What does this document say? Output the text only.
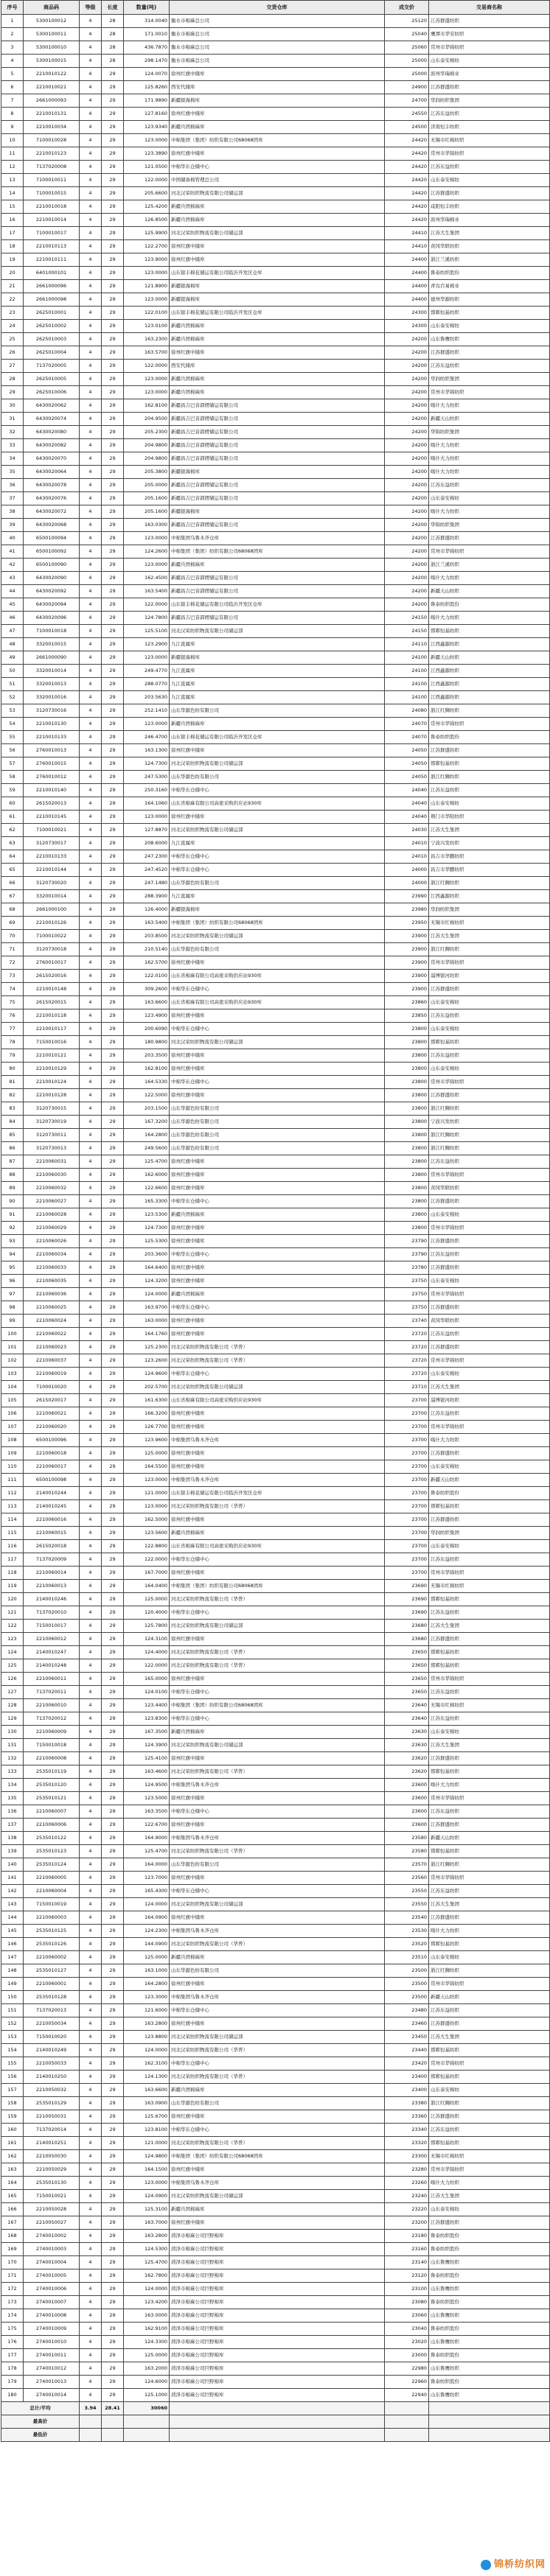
序号	商品码	等级	长度	数量(吨)	交货仓库	成交价	交易商名称
1	5300100012	4	28	314.0040	衡水市棉麻总公司	25120	江苏群盛纺织
2	5300100011	4	28	171.0010	衡水市棉麻总公司	25040	鹰潭市华安纺织
3	5300100010	4	28	436.7870	衡水市棉麻总公司	25060	常州市华锦纺织
4	5300100015	4	28	298.1470	衡水市棉麻总公司	25000	山东泰安棉纺
5	2210010122	4	29	124.0070	徐州红旗中储库	25000	滨州华瑞棉业
6	2210010021	4	29	125.8260	西安代储库	24900	江苏群盛纺织
7	2661000093	4	29	171.9890	新疆银海棉库	24700	华润纺织集团
8	2210010131	4	29	127.8160	徐州红旗中储库	24550	江苏东益纺织
9	2210010034	4	29	123.9340	新疆兵团棉麻库	24500	济南恒丰纺织
10	7100010028	4	29	123.0000	中棉集团（集团）纺织有限公司68068团库	24420	无锡市红棉纺织
11	2210010123	4	29	123.3890	徐州红旗中储库	24420	常州市华锦纺织
12	7137020008	4	29	121.0500	中棉华东仓储中心	24420	江苏东益纺织
13	7100010011	4	29	122.0000	中国储备棉管理总公司	24420	山东泰安棉纺
14	7100010015	4	29	205.6600	河北汉荣纺织物流有限公司储运部	24420	江苏群盛纺织
15	2210010018	4	29	125.4200	新疆兵团棉麻库	24420	咸阳恒丰纺织
16	2210010014	4	29	126.8500	新疆兵团棉麻库	24420	滨州华瑞棉业
17	7100010017	4	29	125.9900	河北汉荣纺织物流有限公司储运部	24410	江苏大生集团
18	2210010113	4	29	122.2700	徐州红旗中储库	24410	黄冈华联纺织
19	2210010111	4	29	123.9000	徐州红旗中储库	24400	浙江兰溪纺织
20	6401000101	4	29	123.0000	山东银丰棉花储运有限公司临沂开发区仓库	24400	鲁泰纺织股份
21	2661000096	4	29	121.8900	新疆银海棉库	24400	青岛百易棉业
22	2661000098	4	29	123.0000	新疆银海棉库	24400	德州华源纺织
23	2625010001	4	29	122.0100	山东银丰棉花储运有限公司临沂开发区仓库	24300	邯郸恒基纺织
24	2625010002	4	29	123.0100	新疆兵团棉麻库	24300	山东泰安棉纺
25	2625010003	4	29	163.2300	新疆兵团棉麻库	24200	山东鲁鹰纺织
26	2625010004	4	29	163.5700	徐州红旗中储库	24200	江苏群盛纺织
27	7137020005	4	29	122.0000	西安代储库	24200	江苏东益纺织
28	2625010005	4	29	123.0000	新疆兵团棉麻库	24200	华润纺织集团
29	2625010006	4	29	123.0000	新疆兵团棉麻库	24200	常州市华锦纺织
30	6430020062	4	29	162.8100	新疆昌吉巴音郭楞储运有限公司	24200	喀什大力纺织
31	6430020074	4	29	204.9500	新疆昌吉巴音郭楞储运有限公司	24200	新疆天山纺织
32	6430020080	4	29	205.2300	新疆昌吉巴音郭楞储运有限公司	24200	华锦纺织集团
33	6430020082	4	29	204.9800	新疆昌吉巴音郭楞储运有限公司	24200	喀什大力纺织
34	6430020070	4	29	204.9800	新疆昌吉巴音郭楞储运有限公司	24200	喀什大力纺织
35	6430020064	4	29	205.3800	新疆银海棉库	24200	喀什大力纺织
36	6430020078	4	29	205.0000	新疆昌吉巴音郭楞储运有限公司	24200	江苏东益纺织
37	6430020076	4	29	205.1600	新疆昌吉巴音郭楞储运有限公司	24200	山东泰安棉纺
38	6430020072	4	29	205.1600	新疆银海棉库	24200	喀什大力纺织
39	6430020068	4	29	163.0300	新疆昌吉巴音郭楞储运有限公司	24200	华锦纺织集团
40	6500100094	4	29	123.0000	中棉集团乌鲁木齐仓库	24200	江苏群盛纺织
41	6500100092	4	29	124.2600	中棉集团（集团）纺织有限公司68068团库	24200	常州市华锦纺织
42	6500100090	4	29	123.0000	新疆兵团棉麻库	24200	浙江兰溪纺织
43	6430020090	4	29	162.4500	新疆昌吉巴音郭楞储运有限公司	24200	喀什大力纺织
44	6430020092	4	29	163.5400	新疆昌吉巴音郭楞储运有限公司	24200	新疆天山纺织
45	6430020094	4	29	122.0000	山东银丰棉花储运有限公司临沂开发区仓库	24200	鲁泰纺织股份
46	6430020096	4	29	124.7800	新疆昌吉巴音郭楞储运有限公司	24150	喀什大力纺织
47	7100010018	4	29	125.5100	河北汉荣纺织物流有限公司储运部	24150	邯郸恒基纺织
48	3320010015	4	29	123.2900	九江直属库	24110	江西鑫源纺织
49	2661000090	4	29	123.0000	新疆银海棉库	24100	新疆天山纺织
50	3320010014	4	29	249.4770	九江直属库	24100	江西鑫源纺织
51	3320010013	4	29	288.0770	九江直属库	24100	江西鑫源纺织
52	3320010016	4	29	203.5630	九江直属库	24100	江西鑫源纺织
53	3120730016	4	29	252.1410	山东华源色纺有限公司	24080	浙江红狮纺织
54	2210010130	4	29	123.0000	新疆兵团棉麻库	24070	常州市华锦纺织
55	2210010133	4	29	246.4700	山东银丰棉花储运有限公司临沂开发区仓库	24070	鲁泰纺织股份
56	2760010013	4	29	163.1300	徐州红旗中储库	24050	江苏群盛纺织
57	2760010015	4	29	124.7300	河北汉荣纺织物流有限公司储运部	24050	邯郸恒基纺织
58	2760010012	4	29	247.5300	山东华源色纺有限公司	24050	浙江红狮纺织
59	2210010140	4	29	250.3160	中棉华东仓储中心	24040	江苏东益纺织
60	2615020013	4	29	164.1060	山东省棉麻有限公司高密采购供应站930库	24040	山东泰安棉纺
61	2210010145	4	29	123.0000	徐州红旗中储库	24040	荆门市华阳纺织
62	7100010021	4	29	127.8870	河北汉荣纺织物流有限公司储运部	24030	江苏大生集团
63	3120730017	4	29	208.6000	九江直属库	24010	宁波兴发纺织
64	2210010133	4	29	247.2300	中棉华东仓储中心	24010	昌吉市华鹏纺织
65	2210010144	4	29	247.4520	中棉华东仓储中心	24000	昌吉市华鹏纺织
66	3120730020	4	29	247.1480	山东华源色纺有限公司	24000	浙江红狮纺织
67	3320010014	4	29	288.3900	九江直属库	23990	江西鑫源纺织
68	2661000100	4	29	126.4000	新疆银海棉库	23980	华润纺织集团
69	2210010126	4	29	163.5400	中棉集团（集团）纺织有限公司68068团库	23950	无锡市红棉纺织
70	7100010022	4	29	203.8500	河北汉荣纺织物流有限公司储运部	23900	江苏大生集团
71	3120730018	4	29	210.5140	山东华源色纺有限公司	23900	浙江红狮纺织
72	2760010017	4	29	162.5700	徐州红旗中储库	23900	常州市华锦纺织
73	2615020016	4	29	122.0100	山东省棉麻有限公司高密采购供应站930库	23900	淄博银河纺织
74	2210010148	4	29	309.2600	中棉华东仓储中心	23900	江苏群盛纺织
75	2615020015	4	29	163.6600	山东省棉麻有限公司高密采购供应站930库	23860	山东泰安棉纺
76	2210010118	4	29	123.4900	徐州红旗中储库	23850	江苏东益纺织
77	2210010117	4	29	200.6090	中棉华东仓储中心	23800	山东泰安棉纺
78	7150010016	4	29	180.9800	河北汉荣纺织物流有限公司储运部	23800	邯郸恒基纺织
79	2210010121	4	29	203.3500	徐州红旗中储库	23800	江苏东益纺织
80	2210010129	4	29	162.8100	徐州红旗中储库	23800	山东泰安棉纺
81	2210010124	4	29	164.5330	中棉华东仓储中心	23800	常州市华锦纺织
82	2210010128	4	29	122.5000	徐州红旗中储库	23800	江苏群盛纺织
83	3120730015	4	29	203.1500	山东华源色纺有限公司	23800	浙江红狮纺织
84	3120730019	4	29	167.3200	山东华源色纺有限公司	23800	宁波兴发纺织
85	3120730011	4	29	164.2800	山东华源色纺有限公司	23800	浙江红狮纺织
86	3120730013	4	29	249.5600	山东华源色纺有限公司	23800	浙江红狮纺织
87	2210060031	4	29	125.4700	徐州红旗中储库	23800	江苏东益纺织
88	2210060030	4	29	162.6000	徐州红旗中储库	23800	常州市华锦纺织
89	2210060032	4	29	122.6600	徐州红旗中储库	23800	黄冈华联纺织
90	2210060027	4	29	165.3300	中棉华东仓储中心	23800	江苏群盛纺织
91	2210060028	4	29	123.5300	新疆兵团棉麻库	23800	山东泰安棉纺
92	2210060029	4	29	124.7300	徐州红旗中储库	23800	常州市华锦纺织
93	2210060026	4	29	125.5300	徐州红旗中储库	23790	江苏群盛纺织
94	2210060034	4	29	203.3600	中棉华东仓储中心	23790	江苏东益纺织
95	2210060033	4	29	164.6400	徐州红旗中储库	23780	江苏群盛纺织
96	2210060035	4	29	124.3200	徐州红旗中储库	23750	山东泰安棉纺
97	2210060036	4	29	124.0000	新疆兵团棉麻库	23750	常州市华锦纺织
98	2210060025	4	29	163.9700	中棉华东仓储中心	23750	江苏群盛纺织
99	2210060024	4	29	163.0000	徐州红旗中储库	23740	黄冈华联纺织
100	2210060022	4	29	164.1760	徐州红旗中储库	23720	江苏东益纺织
101	2210060023	4	29	125.2300	河北汉荣纺织物流有限公司（华普）	23720	江苏群盛纺织
102	2210060037	4	29	123.2600	河北汉荣纺织物流有限公司（华普）	23720	常州市华锦纺织
103	2210060019	4	29	124.9600	中棉华东仓储中心	23720	山东泰安棉纺
104	7100010020	4	29	202.5700	河北汉荣纺织物流有限公司储运部	23710	江苏大生集团
105	2615020017	4	29	161.6300	山东省棉麻有限公司高密采购供应站930库	23700	淄博银河纺织
106	2210060021	4	29	166.3200	徐州红旗中储库	23700	江苏东益纺织
107	2210060020	4	29	126.7700	徐州红旗中储库	23700	常州市华锦纺织
108	6500100096	4	29	123.9600	中棉集团乌鲁木齐仓库	23700	喀什大力纺织
109	2210060018	4	29	125.0000	徐州红旗中储库	23700	江苏群盛纺织
110	2210060017	4	29	164.5500	徐州红旗中储库	23700	山东泰安棉纺
111	6500100098	4	29	123.0000	中棉集团乌鲁木齐仓库	23700	新疆天山纺织
112	2140010244	4	29	121.0000	山东银丰棉花储运有限公司临沂开发区仓库	23700	鲁泰纺织股份
113	2140010245	4	29	123.0000	河北汉荣纺织物流有限公司（华普）	23700	邯郸恒基纺织
114	2210060016	4	29	162.5000	徐州红旗中储库	23700	江苏群盛纺织
115	2210060015	4	29	123.5600	新疆兵团棉麻库	23700	华润纺织集团
116	2615020018	4	29	122.8800	山东省棉麻有限公司高密采购供应站930库	23700	山东泰安棉纺
117	7137020009	4	29	122.0000	中棉华东仓储中心	23700	江苏东益纺织
118	2210060014	4	29	167.7000	徐州红旗中储库	23700	常州市华锦纺织
119	2210060013	4	29	164.0400	中棉集团（集团）纺织有限公司68068团库	23690	无锡市红棉纺织
120	2140010246	4	29	125.0000	河北汉荣纺织物流有限公司（华普）	23690	邯郸恒基纺织
121	7137020010	4	29	120.4000	中棉华东仓储中心	23690	江苏东益纺织
122	7150010017	4	29	125.7800	河北汉荣纺织物流有限公司储运部	23680	江苏大生集团
123	2210060012	4	29	124.3100	徐州红旗中储库	23680	江苏群盛纺织
124	2140010247	4	29	124.4000	河北汉荣纺织物流有限公司（华普）	23650	邯郸恒基纺织
125	2140010248	4	29	122.0000	河北汉荣纺织物流有限公司（华普）	23650	邯郸恒基纺织
126	2210060011	4	29	165.0000	徐州红旗中储库	23650	常州市华锦纺织
127	7137020011	4	29	124.0100	中棉华东仓储中心	23650	江苏东益纺织
128	2210060010	4	29	123.4400	中棉集团（集团）纺织有限公司68068团库	23640	无锡市红棉纺织
129	7137020012	4	29	123.8300	中棉华东仓储中心	23640	江苏东益纺织
130	2210060009	4	29	167.3500	新疆兵团棉麻库	23630	山东泰安棉纺
131	7150010018	4	29	124.3900	河北汉荣纺织物流有限公司储运部	23630	江苏大生集团
132	2210060008	4	29	125.4100	徐州红旗中储库	23620	江苏群盛纺织
133	2535010119	4	29	163.4600	河北汉荣纺织物流有限公司（华普）	23620	邯郸恒基纺织
134	2535010120	4	29	124.9500	中棉集团乌鲁木齐仓库	23600	喀什大力纺织
135	2535010121	4	29	123.5000	徐州红旗中储库	23600	常州市华锦纺织
136	2210060007	4	29	163.3500	中棉华东仓储中心	23600	江苏东益纺织
137	2210060006	4	29	122.6700	徐州红旗中储库	23600	江苏群盛纺织
138	2535010122	4	29	164.9000	中棉集团乌鲁木齐仓库	23580	新疆天山纺织
139	2535010123	4	29	125.4700	河北汉荣纺织物流有限公司（华普）	23580	邯郸恒基纺织
140	2535010124	4	29	164.0000	山东华源色纺有限公司	23570	浙江红狮纺织
141	2210060005	4	29	123.7000	徐州红旗中储库	23560	常州市华锦纺织
142	2210060004	4	29	165.4300	中棉华东仓储中心	23550	江苏东益纺织
143	7150010019	4	29	124.0000	河北汉荣纺织物流有限公司储运部	23550	江苏大生集团
144	2210060003	4	29	164.0900	徐州红旗中储库	23540	江苏群盛纺织
145	2535010125	4	29	124.2300	中棉集团乌鲁木齐仓库	23530	喀什大力纺织
146	2535010126	4	29	144.0900	河北汉荣纺织物流有限公司（华普）	23520	邯郸恒基纺织
147	2210060002	4	29	125.0000	新疆兵团棉麻库	23510	山东泰安棉纺
148	2535010127	4	29	163.1000	山东华源色纺有限公司	23500	浙江红狮纺织
149	2210060001	4	29	164.2800	徐州红旗中储库	23500	常州市华锦纺织
150	2535010128	4	29	123.3000	中棉集团乌鲁木齐仓库	23500	新疆天山纺织
151	7137020013	4	29	121.6000	中棉华东仓储中心	23480	江苏东益纺织
152	2210050034	4	29	163.2800	徐州红旗中储库	23460	江苏群盛纺织
153	7150010020	4	29	123.8800	河北汉荣纺织物流有限公司储运部	23450	江苏大生集团
154	2140010249	4	29	124.0000	河北汉荣纺织物流有限公司（华普）	23440	邯郸恒基纺织
155	2210050033	4	29	162.3100	中棉华东仓储中心	23420	常州市华锦纺织
156	2140010250	4	29	124.1300	河北汉荣纺织物流有限公司（华普）	23400	邯郸恒基纺织
157	2210050032	4	29	163.6600	新疆兵团棉麻库	23400	山东泰安棉纺
158	2535010129	4	29	163.0900	山东华源色纺有限公司	23380	浙江红狮纺织
159	2210050031	4	29	125.6700	徐州红旗中储库	23360	江苏群盛纺织
160	7137020014	4	29	123.8100	中棉华东仓储中心	23340	江苏东益纺织
161	2140010251	4	29	121.0000	河北汉荣纺织物流有限公司（华普）	23320	邯郸恒基纺织
162	2210050030	4	29	124.9800	中棉集团（集团）纺织有限公司68068团库	23300	无锡市红棉纺织
163	2210050029	4	29	164.1500	徐州红旗中储库	23280	常州市华锦纺织
164	2535010130	4	29	123.0000	中棉集团乌鲁木齐仓库	23260	喀什大力纺织
165	7150010021	4	29	124.0900	河北汉荣纺织物流有限公司储运部	23240	江苏大生集团
166	2210050028	4	29	125.3100	新疆兵团棉麻库	23220	山东泰安棉纺
167	2210050027	4	29	163.7000	徐州红旗中储库	23200	江苏群盛纺织
168	2740010002	4	29	163.2800	菏泽市棉麻公司巨野棉库	23180	鲁泰纺织股份
169	2740010003	4	29	124.5300	菏泽市棉麻公司巨野棉库	23160	鲁泰纺织股份
170	2740010004	4	29	125.4700	菏泽市棉麻公司巨野棉库	23140	山东鲁鹰纺织
171	2740010005	4	29	162.7800	菏泽市棉麻公司巨野棉库	23120	鲁泰纺织股份
172	2740010006	4	29	124.0000	菏泽市棉麻公司巨野棉库	23100	山东鲁鹰纺织
173	2740010007	4	29	123.4200	菏泽市棉麻公司巨野棉库	23080	鲁泰纺织股份
174	2740010008	4	29	163.0000	菏泽市棉麻公司巨野棉库	23060	山东鲁鹰纺织
175	2740010009	4	29	162.9100	菏泽市棉麻公司巨野棉库	23040	鲁泰纺织股份
176	2740010010	4	29	124.3300	菏泽市棉麻公司巨野棉库	23020	山东鲁鹰纺织
177	2740010011	4	29	125.0000	菏泽市棉麻公司巨野棉库	23000	鲁泰纺织股份
178	2740010012	4	29	163.2000	菏泽市棉麻公司巨野棉库	22980	山东鲁鹰纺织
179	2740010013	4	29	124.6000	菏泽市棉麻公司巨野棉库	22960	鲁泰纺织股份
180	2740010014	4	29	125.1000	菏泽市棉麻公司巨野棉库	22940	山东鲁鹰纺织
总计/平均		3.94	28.41	30060			
最高价							
最低价							
锦桥纺织网
